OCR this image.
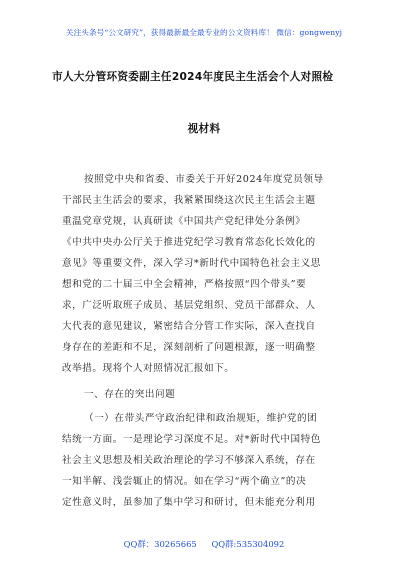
关注头条号“公文研究”，获得最新最全最专业的公文资料库！ 微信：gongwenyj
市人大分管环资委副主任2024年度民主生活会个人对照检
视材料
按照党中央和省委、市委关于开好2024年度党员领导
干部民主生活会的要求，我紧紧围绕这次民主生活会主题
重温党章党规，认真研读《中国共产党纪律处分条例》
《中共中央办公厅关于推进党纪学习教育常态化长效化的
意见》等重要文件，深入学习*新时代中国特色社会主义思
想和党的二十届三中全会精神，严格按照“四个带头”要
求，广泛听取班子成员、基层党组织、党员干部群众、人
大代表的意见建议，紧密结合分管工作实际，深入查找自
身存在的差距和不足，深刻剖析了问题根源，逐一明确整
改举措。现将个人对照情况汇报如下。
一、存在的突出问题
（一）在带头严守政治纪律和政治规矩，维护党的团
结统一方面。一是理论学习深度不足。对*新时代中国特色
社会主义思想及相关政治理论的学习不够深入系统，存在
一知半解、浅尝辄止的情况。如在学习“两个确立”的决
定性意义时，虽参加了集中学习和研讨，但未能充分利用
QQ群：30265665 QQ群:535304092
